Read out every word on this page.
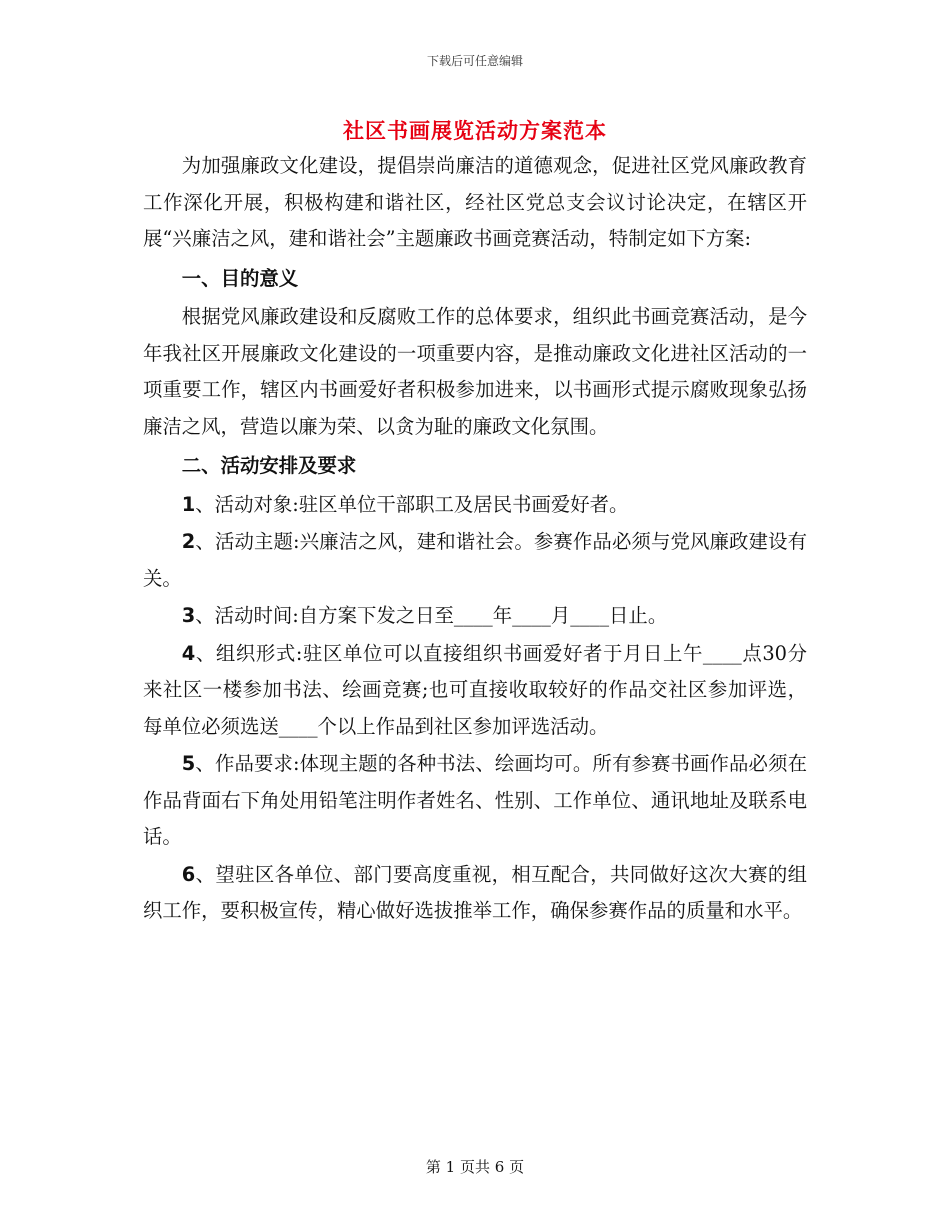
下载后可任意编辑
社区书画展览活动方案范本

为加强廉政文化建设，提倡崇尚廉洁的道德观念，促进社区党风廉政教育工作深化开展，积极构建和谐社区，经社区党总支会议讨论决定，在辖区开展“兴廉洁之风，建和谐社会”主题廉政书画竞赛活动，特制定如下方案:

一、目的意义

根据党风廉政建设和反腐败工作的总体要求，组织此书画竞赛活动，是今年我社区开展廉政文化建设的一项重要内容，是推动廉政文化进社区活动的一项重要工作，辖区内书画爱好者积极参加进来，以书画形式提示腐败现象弘扬廉洁之风，营造以廉为荣、以贪为耻的廉政文化氛围。

二、活动安排及要求

1、活动对象:驻区单位干部职工及居民书画爱好者。

2、活动主题:兴廉洁之风，建和谐社会。参赛作品必须与党风廉政建设有关。

3、活动时间:自方案下发之日至____年____月____日止。

4、组织形式:驻区单位可以直接组织书画爱好者于月日上午____点30分来社区一楼参加书法、绘画竞赛;也可直接收取较好的作品交社区参加评选，每单位必须选送____个以上作品到社区参加评选活动。

5、作品要求:体现主题的各种书法、绘画均可。所有参赛书画作品必须在作品背面右下角处用铅笔注明作者姓名、性别、工作单位、通讯地址及联系电话。

6、望驻区各单位、部门要高度重视，相互配合，共同做好这次大赛的组织工作，要积极宣传，精心做好选拔推举工作，确保参赛作品的质量和水平。

第 1 页共 6 页
